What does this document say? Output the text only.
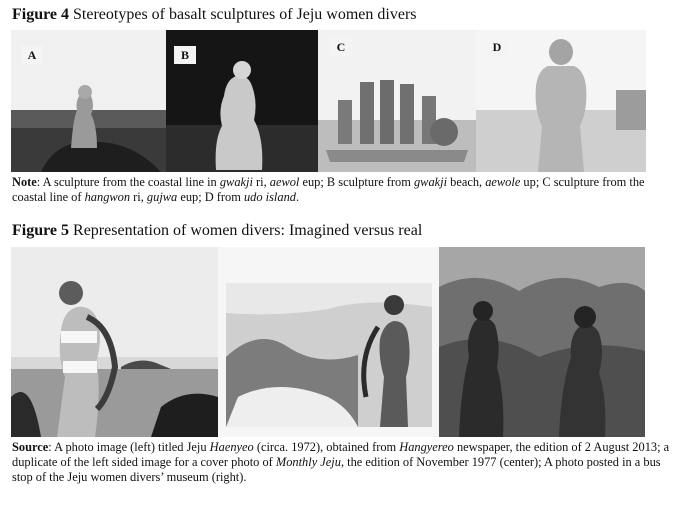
Figure 4 Stereotypes of basalt sculptures of Jeju women divers
A	B
C	D
Note: A sculpture from the coastal line in gwakji ri, aewol eup; B sculpture from gwakji beach, aewole up; C sculpture from the coastal line of hangwon ri, gujwa eup; D from udo island.
Figure 5 Representation of women divers: Imagined versus real
Source: A photo image (left) titled Jeju Haenyeo (circa. 1972), obtained from Hangyereo newspaper, the edition of 2 August 2013; a duplicate of the left sided image for a cover photo of Monthly Jeju, the edition of November 1977 (center); A photo posted in a bus stop of the Jeju women divers’ museum (right).
